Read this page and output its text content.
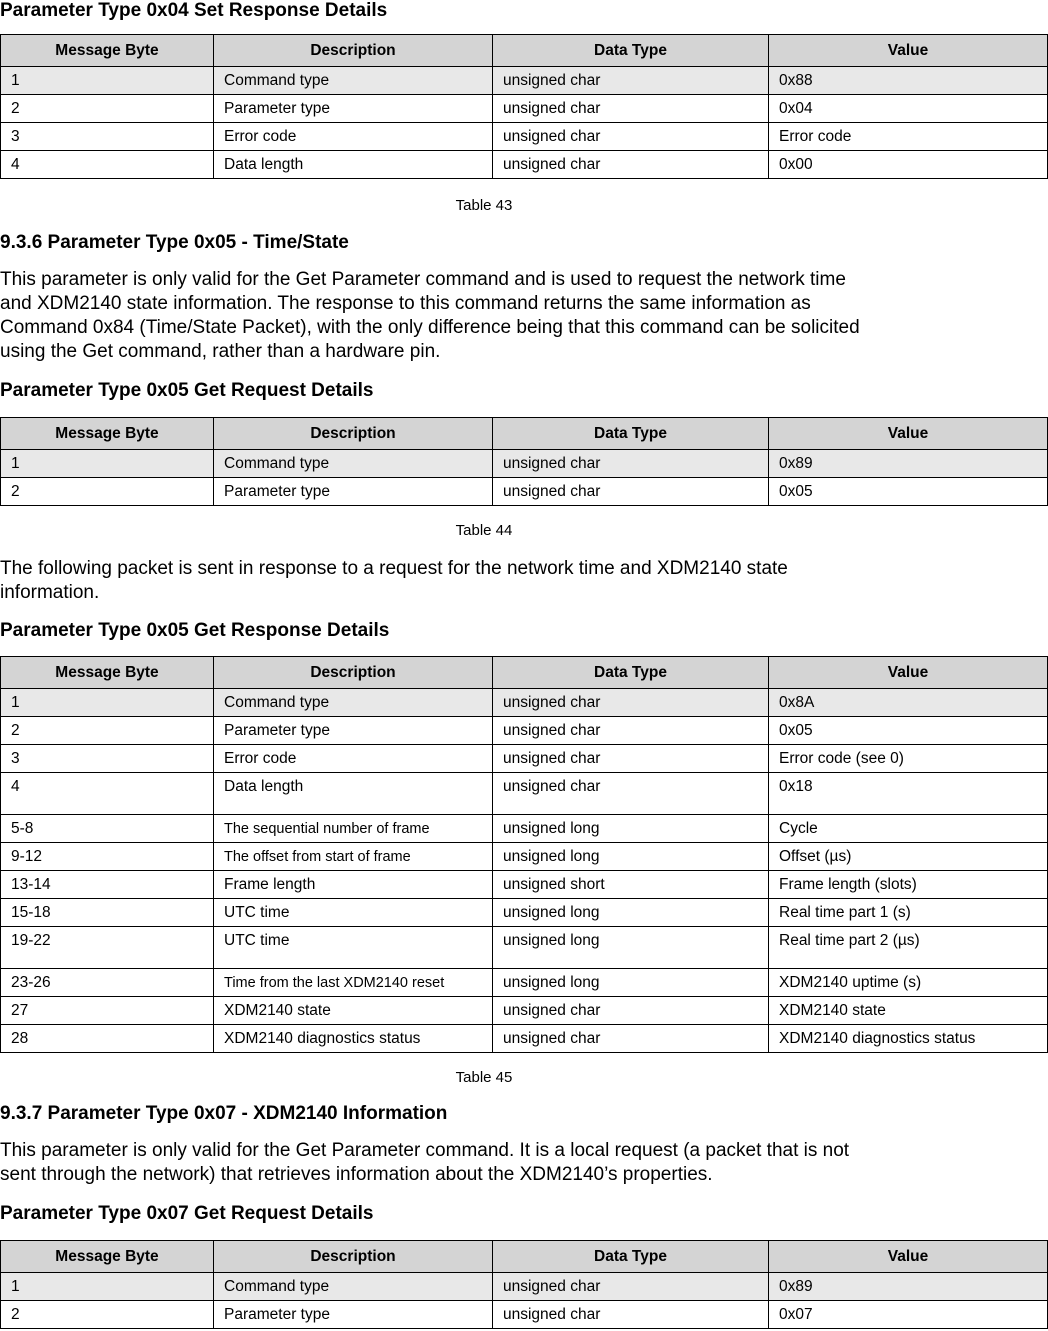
Parameter Type 0x04 Set Response Details
Message Byte	Description	Data Type	Value
1	Command type	unsigned char	0x88
2	Parameter type	unsigned char	0x04
3	Error code	unsigned char	Error code
4	Data length	unsigned char	0x00
Table 43
9.3.6 Parameter Type 0x05 - Time/State
This parameter is only valid for the Get Parameter command and is used to request the network time
and XDM2140 state information. The response to this command returns the same information as
Command 0x84 (Time/State Packet), with the only difference being that this command can be solicited
using the Get command, rather than a hardware pin.
Parameter Type 0x05 Get Request Details
Message Byte	Description	Data Type	Value
1	Command type	unsigned char	0x89
2	Parameter type	unsigned char	0x05
Table 44
The following packet is sent in response to a request for the network time and XDM2140 state
information.
Parameter Type 0x05 Get Response Details
Message Byte	Description	Data Type	Value
1	Command type	unsigned char	0x8A
2	Parameter type	unsigned char	0x05
3	Error code	unsigned char	Error code (see 0)
4	Data length	unsigned char	0x18
5-8	The sequential number of frame	unsigned long	Cycle
9-12	The offset from start of frame	unsigned long	Offset (µs)
13-14	Frame length	unsigned short	Frame length (slots)
15-18	UTC time	unsigned long	Real time part 1 (s)
19-22	UTC time	unsigned long	Real time part 2 (µs)
23-26	Time from the last XDM2140 reset	unsigned long	XDM2140 uptime (s)
27	XDM2140 state	unsigned char	XDM2140 state
28	XDM2140 diagnostics status	unsigned char	XDM2140 diagnostics status
Table 45
9.3.7 Parameter Type 0x07 - XDM2140 Information
This parameter is only valid for the Get Parameter command. It is a local request (a packet that is not
sent through the network) that retrieves information about the XDM2140’s properties.
Parameter Type 0x07 Get Request Details
Message Byte	Description	Data Type	Value
1	Command type	unsigned char	0x89
2	Parameter type	unsigned char	0x07
